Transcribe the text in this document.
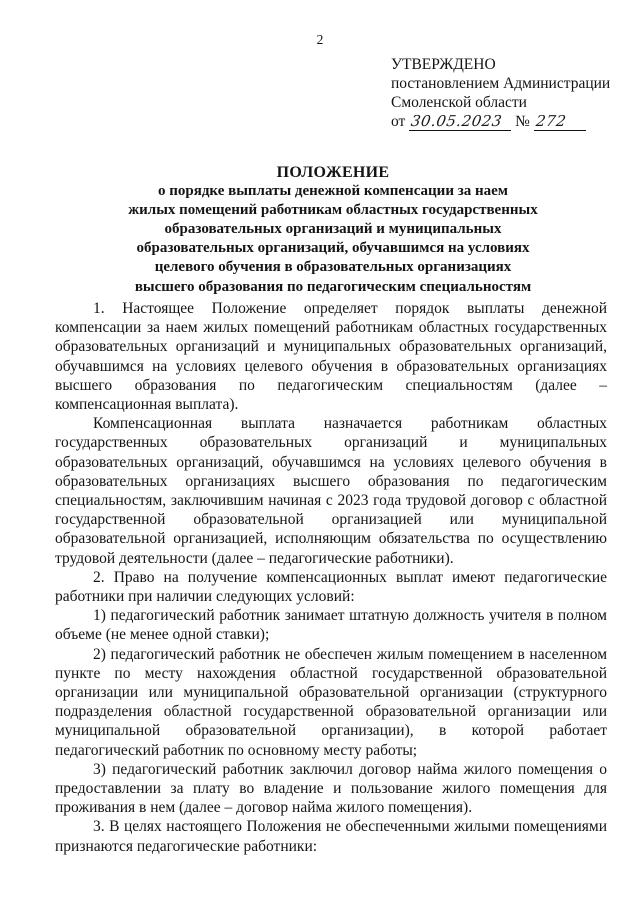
2
УТВЕРЖДЕНО
постановлением Администрации
Смоленской области
от 30.05.2023 № 272
ПОЛОЖЕНИЕ
о порядке выплаты денежной компенсации за наем
жилых помещений работникам областных государственных
образовательных организаций и муниципальных
образовательных организаций, обучавшимся на условиях
целевого обучения в образовательных организациях
высшего образования по педагогическим специальностям

1. Настоящее Положение определяет порядок выплаты денежной компенсации за наем жилых помещений работникам областных государственных образовательных организаций и муниципальных образовательных организаций, обучавшимся на условиях целевого обучения в образовательных организациях высшего образования по педагогическим специальностям (далее – компенсационная выплата).

Компенсационная выплата назначается работникам областных государственных образовательных организаций и муниципальных образовательных организаций, обучавшимся на условиях целевого обучения в образовательных организациях высшего образования по педагогическим специальностям, заключившим начиная с 2023 года трудовой договор с областной государственной образовательной организацией или муниципальной образовательной организацией, исполняющим обязательства по осуществлению трудовой деятельности (далее – педагогические работники).

2. Право на получение компенсационных выплат имеют педагогические работники при наличии следующих условий:

1) педагогический работник занимает штатную должность учителя в полном объеме (не менее одной ставки);

2) педагогический работник не обеспечен жилым помещением в населенном пункте по месту нахождения областной государственной образовательной организации или муниципальной образовательной организации (структурного подразделения областной государственной образовательной организации или муниципальной образовательной организации), в которой работает педагогический работник по основному месту работы;

3) педагогический работник заключил договор найма жилого помещения о предоставлении за плату во владение и пользование жилого помещения для проживания в нем (далее – договор найма жилого помещения).

3. В целях настоящего Положения не обеспеченными жилыми помещениями признаются педагогические работники:
